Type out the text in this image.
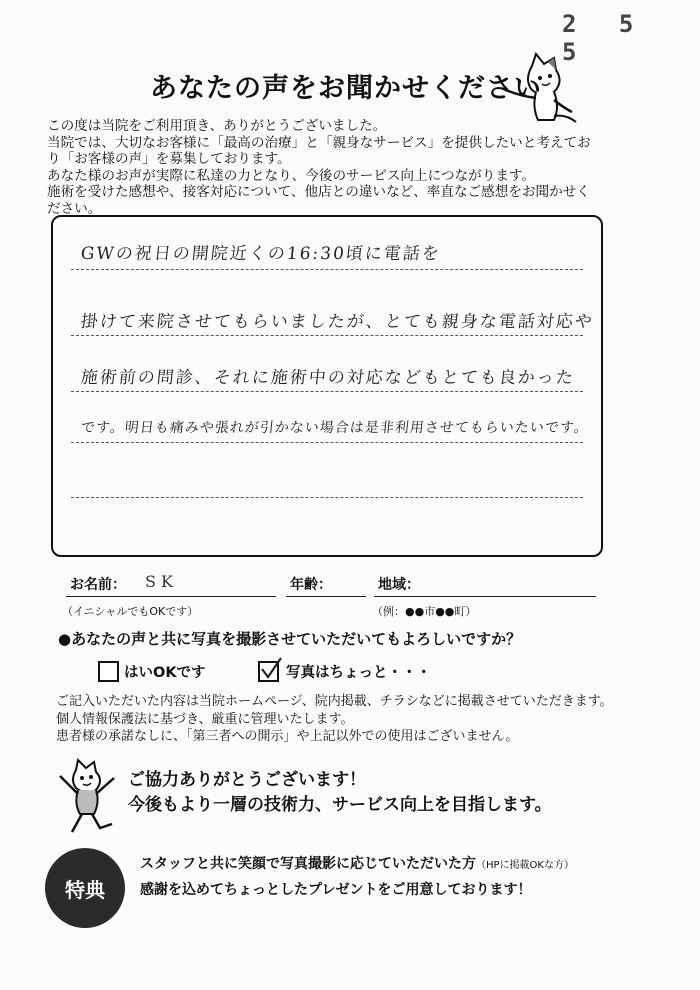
2 5 5
あなたの声をお聞かせください

この度は当院をご利用頂き、ありがとうございました。

当院では、大切なお客様に「最高の治療」と「親身なサービス」を提供したいと考えてお

り「お客様の声」を募集しております。

あなた様のお声が実際に私達の力となり、今後のサービス向上につながります。

施術を受けた感想や、接客対応について、他店との違いなど、率直なご感想をお聞かせく

ださい。

GWの祝日の開院近くの16:30頃に電話を
掛けて来院させてもらいましたが、とても親身な電話対応や
施術前の問診、それに施術中の対応などもとても良かった
です。明日も痛みや張れが引かない場合は是非利用させてもらいたいです。
お名前： S K
（イニシャルでもOKです）
年齢：	地域：
（例：●●市●●町）
●あなたの声と共に写真を撮影させていただいてもよろしいですか？
はいOKです	写真はちょっと・・・

ご記入いただいた内容は当院ホームページ、院内掲載、チラシなどに掲載させていただきます。

個人情報保護法に基づき、厳重に管理いたします。

患者様の承諾なしに、「第三者への開示」や上記以外での使用はございません。

ご協力ありがとうございます！

今後もより一層の技術力、サービス向上を目指します。

特典

スタッフと共に笑顔で写真撮影に応じていただいた方（HPに掲載OKな方）

感謝を込めてちょっとしたプレゼントをご用意しております！
